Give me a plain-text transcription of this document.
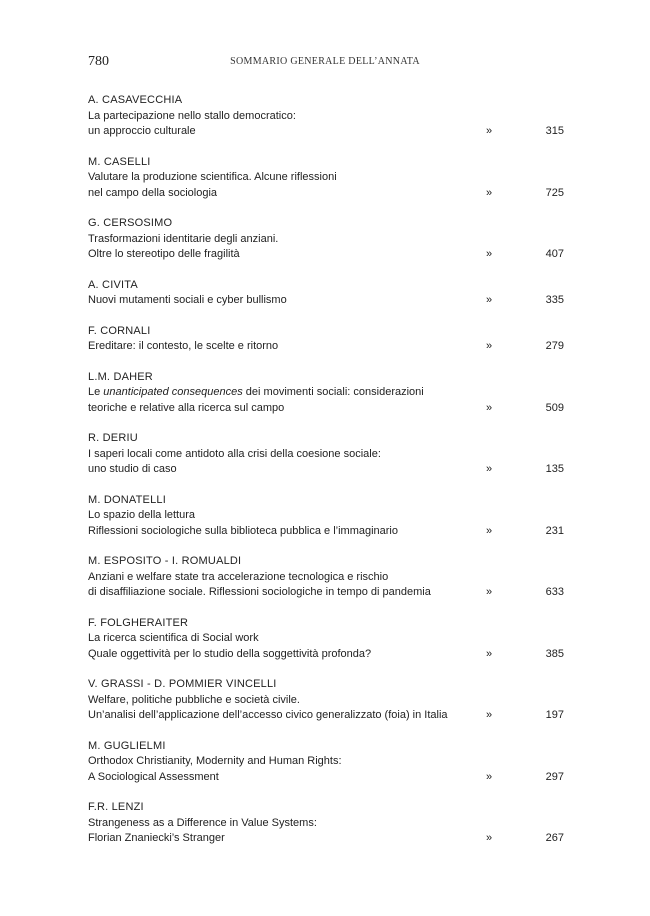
780	SOMMARIO GENERALE DELL’ANNATA
A. CASAVECCHIA
La partecipazione nello stallo democratico:
un approccio culturale	»	315
M. CASELLI
Valutare la produzione scientifica. Alcune riflessioni
nel campo della sociologia	»	725
G. CERSOSIMO
Trasformazioni identitarie degli anziani.
Oltre lo stereotipo delle fragilità	»	407
A. CIVITA
Nuovi mutamenti sociali e cyber bullismo	»	335
F. CORNALI
Ereditare: il contesto, le scelte e ritorno	»	279
L.M. DAHER
Le unanticipated consequences dei movimenti sociali: considerazioni
teoriche e relative alla ricerca sul campo	»	509
R. DERIU
I saperi locali come antidoto alla crisi della coesione sociale:
uno studio di caso	»	135
M. DONATELLI
Lo spazio della lettura
Riflessioni sociologiche sulla biblioteca pubblica e l’immaginario	»	231
M. ESPOSITO - I. ROMUALDI
Anziani e welfare state tra accelerazione tecnologica e rischio
di disaffiliazione sociale. Riflessioni sociologiche in tempo di pandemia	»	633
F. FOLGHERAITER
La ricerca scientifica di Social work
Quale oggettività per lo studio della soggettività profonda?	»	385
V. GRASSI - D. POMMIER VINCELLI
Welfare, politiche pubbliche e società civile.
Un’analisi dell’applicazione dell’accesso civico generalizzato (foia) in Italia	»	197
M. GUGLIELMI
Orthodox Christianity, Modernity and Human Rights:
A Sociological Assessment	»	297
F.R. LENZI
Strangeness as a Difference in Value Systems:
Florian Znaniecki’s Stranger	»	267
